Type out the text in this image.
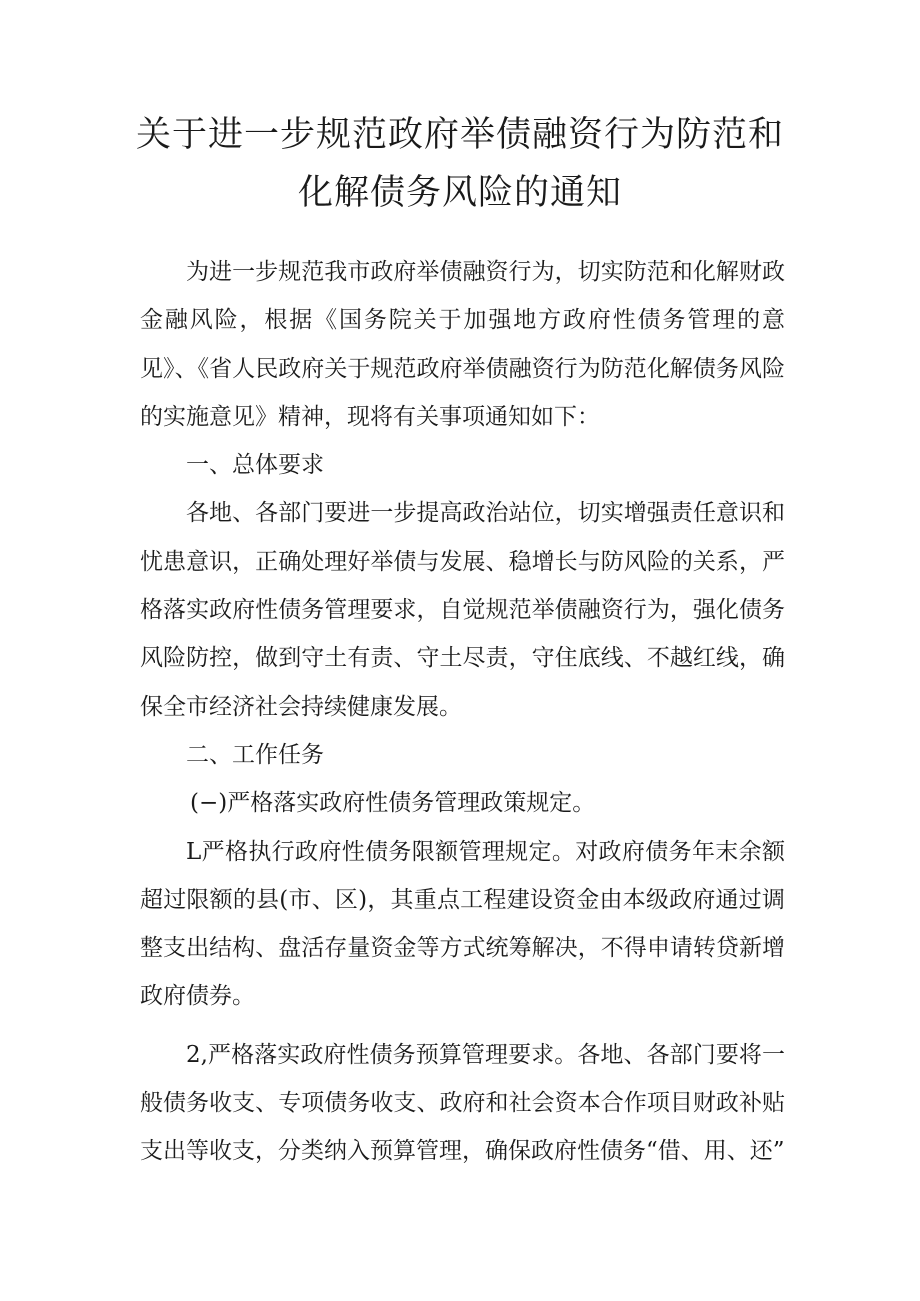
关于进一步规范政府举债融资行为防范和
化解债务风险的通知

为进一步规范我市政府举债融资行为，切实防范和化解财政金融风险，根据《国务院关于加强地方政府性债务管理的意见》、《省人民政府关于规范政府举债融资行为防范化解债务风险的实施意见》精神，现将有关事项通知如下：

一、总体要求

各地、各部门要进一步提高政治站位，切实增强责任意识和忧患意识，正确处理好举债与发展、稳增长与防风险的关系，严格落实政府性债务管理要求，自觉规范举债融资行为，强化债务风险防控，做到守土有责、守土尽责，守住底线、不越红线，确保全市经济社会持续健康发展。

二、工作任务

(−)严格落实政府性债务管理政策规定。

L严格执行政府性债务限额管理规定。对政府债务年末余额超过限额的县(市、区)，其重点工程建设资金由本级政府通过调整支出结构、盘活存量资金等方式统筹解决，不得申请转贷新增政府债券。

2,严格落实政府性债务预算管理要求。各地、各部门要将一般债务收支、专项债务收支、政府和社会资本合作项目财政补贴支出等收支，分类纳入预算管理，确保政府性债务“借、用、还”
